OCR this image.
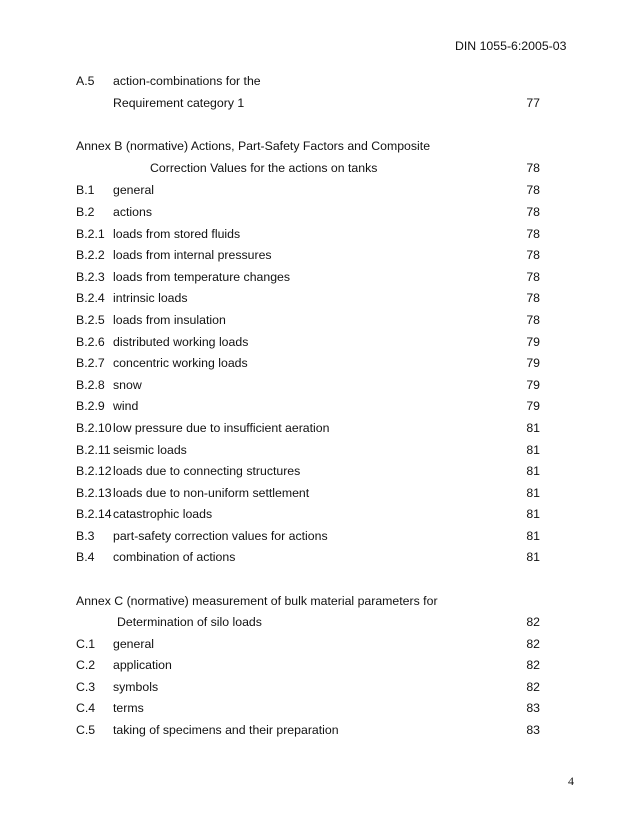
DIN 1055-6:2005-03
A.5 action-combinations for the
Requirement category 1	77
Annex B (normative) Actions, Part-Safety Factors and Composite
Correction Values for the actions on tanks	78
B.1 general	78
B.2 actions	78
B.2.1 loads from stored fluids	78
B.2.2 loads from internal pressures	78
B.2.3 loads from temperature changes	78
B.2.4 intrinsic loads	78
B.2.5 loads from insulation	78
B.2.6 distributed working loads	79
B.2.7 concentric working loads	79
B.2.8 snow	79
B.2.9 wind	79
B.2.10 low pressure due to insufficient aeration	81
B.2.11 seismic loads	81
B.2.12 loads due to connecting structures	81
B.2.13 loads due to non-uniform settlement	81
B.2.14 catastrophic loads	81
B.3 part-safety correction values for actions	81
B.4 combination of actions	81
Annex C (normative) measurement of bulk material parameters for
Determination of silo loads	82
C.1 general	82
C.2 application	82
C.3 symbols	82
C.4 terms	83
C.5 taking of specimens and their preparation	83
4
